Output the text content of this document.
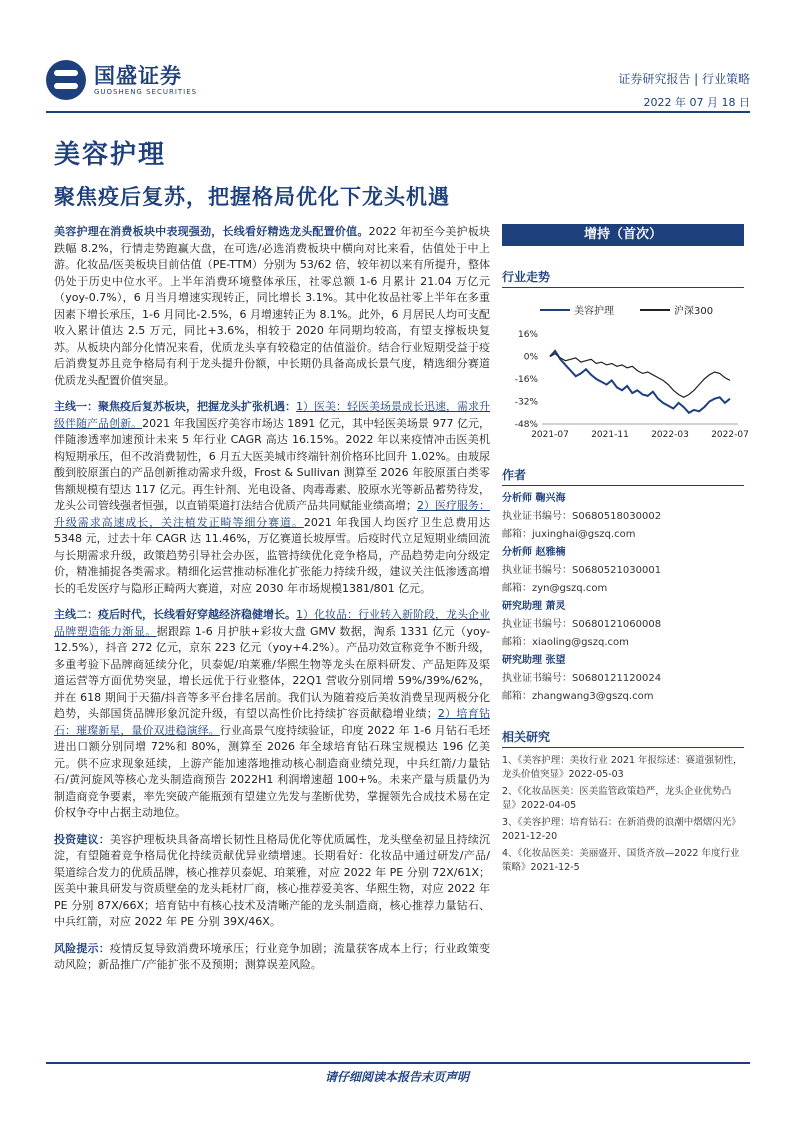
国盛证券
GUOSHENG SECURITIES
证券研究报告 | 行业策略
2022 年 07 月 18 日
美容护理
聚焦疫后复苏，把握格局优化下龙头机遇

美容护理在消费板块中表现强劲，长线看好精选龙头配置价值。2022 年初至今美护板块跌幅 8.2%，行情走势跑赢大盘，在可选/必选消费板块中横向对比来看，估值处于中上游。化妆品/医美板块目前估值（PE-TTM）分别为 53/62 倍，较年初以来有所提升，整体仍处于历史中位水平。上半年消费环境整体承压，社零总额 1-6 月累计 21.04 万亿元（yoy-0.7%），6 月当月增速实现转正，同比增长 3.1%。其中化妆品社零上半年在多重因素下增长承压，1-6 月同比-2.5%，6 月增速转正为 8.1%。此外，6 月居民人均可支配收入累计值达 2.5 万元，同比+3.6%，相较于 2020 年同期均较高，有望支撑板块复苏。从板块内部分化情况来看，优质龙头享有较稳定的估值溢价。结合行业短期受益于疫后消费复苏且竞争格局有利于龙头提升份额，中长期仍具备高成长景气度，精选细分赛道优质龙头配置价值突显。

主线一：聚焦疫后复苏板块，把握龙头扩张机遇：1）医美：轻医美场景成长迅速，需求升级伴随产品创新。2021 年我国医疗美容市场达 1891 亿元，其中轻医美场景 977 亿元，伴随渗透率加速预计未来 5 年行业 CAGR 高达 16.15%。2022 年以来疫情冲击医美机构短期承压，但不改消费韧性，6 月五大医美城市终端针剂价格环比回升 1.02%。由玻尿酸到胶原蛋白的产品创新推动需求升级，Frost & Sullivan 测算至 2026 年胶原蛋白类零售额规模有望达 117 亿元。再生针剂、光电设备、肉毒毒素、胶原水光等新品蓄势待发，龙头公司管线强者恒强，以直销渠道打法结合优质产品共同赋能业绩高增；2）医疗服务：升级需求高速成长，关注植发正畸等细分赛道。2021 年我国人均医疗卫生总费用达 5348 元，过去十年 CAGR 达 11.46%，万亿赛道长坡厚雪。后疫时代立足短期业绩回流与长期需求升级，政策趋势引导社会办医，监管持续优化竞争格局，产品趋势走向分级定价，精准捕捉各类需求。精细化运营推动标准化扩张能力持续升级，建议关注低渗透高增长的毛发医疗与隐形正畸两大赛道，对应 2030 年市场规模1381/801 亿元。

主线二：疫后时代，长线看好穿越经济稳健增长。1）化妆品：行业转入新阶段，龙头企业品牌塑造能力渐显。据跟踪 1-6 月护肤+彩妆大盘 GMV 数据，淘系 1331 亿元（yoy-12.5%），抖音 272 亿元，京东 223 亿元（yoy+4.2%）。产品功效宣称竞争不断升级，多重考验下品牌商延续分化，贝泰妮/珀莱雅/华熙生物等龙头在原料研发、产品矩阵及渠道运营等方面优势突显，增长远优于行业整体，22Q1 营收分别同增 59%/39%/62%，并在 618 期间于天猫/抖音等多平台排名居前。我们认为随着疫后美妆消费呈现两极分化趋势，头部国货品牌形象沉淀升级，有望以高性价比持续扩容贡献稳增业绩；2）培育钻石：璀璨新星，量价双进稳演绎。行业高景气度持续验证，印度 2022 年 1-6 月钻石毛坯进出口额分别同增 72%和 80%，测算至 2026 年全球培育钻石珠宝规模达 196 亿美元。供不应求现象延续，上游产能加速落地推动核心制造商业绩兑现，中兵红箭/力量钻石/黄河旋风等核心龙头制造商预告 2022H1 利润增速超 100+%。未来产量与质量仍为制造商竞争要素，率先突破产能瓶颈有望建立先发与垄断优势，掌握领先合成技术易在定价权争夺中占据主动地位。

投资建议：美容护理板块具备高增长韧性且格局优化等优质属性，龙头壁垒初显且持续沉淀，有望随着竞争格局优化持续贡献优异业绩增速。长期看好：化妆品中通过研发/产品/渠道综合发力的优质品牌，核心推荐贝泰妮、珀莱雅，对应 2022 年 PE 分别 72X/61X；医美中兼具研发与资质壁垒的龙头耗材厂商，核心推荐爱美客、华熙生物，对应 2022 年 PE 分别 87X/66X；培育钻中有核心技术及清晰产能的龙头制造商，核心推荐力量钻石、中兵红箭，对应 2022 年 PE 分别 39X/46X。

风险提示：疫情反复导致消费环境承压；行业竞争加剧；流量获客成本上行；行业政策变动风险；新品推广/产能扩张不及预期；测算误差风险。

增持（首次）
行业走势
美容护理	沪深300
16%
0%
-16%
-32%
-48%
2021-07 2021-11 2022-03 2022-07
作者
分析师 鞠兴海
执业证书编号：S0680518030002
邮箱：juxinghai@gszq.com
分析师 赵雅楠
执业证书编号：S0680521030001
邮箱：zyn@gszq.com
研究助理 萧灵
执业证书编号：S0680121060008
邮箱：xiaoling@gszq.com
研究助理 张望
执业证书编号：S0680121120024
邮箱：zhangwang3@gszq.com
相关研究
1、《美容护理：美妆行业 2021 年报综述：赛道强韧性，龙头价值突显》2022-05-03
2、《化妆品医美：医美监管政策趋严，龙头企业优势凸显》2022-04-05
3、《美容护理：培育钻石：在新消费的浪潮中熠熠闪光》2021-12-20
4、《化妆品医美：美丽盛开、国货齐放—2022 年度行业策略》2021-12-5
请仔细阅读本报告末页声明
